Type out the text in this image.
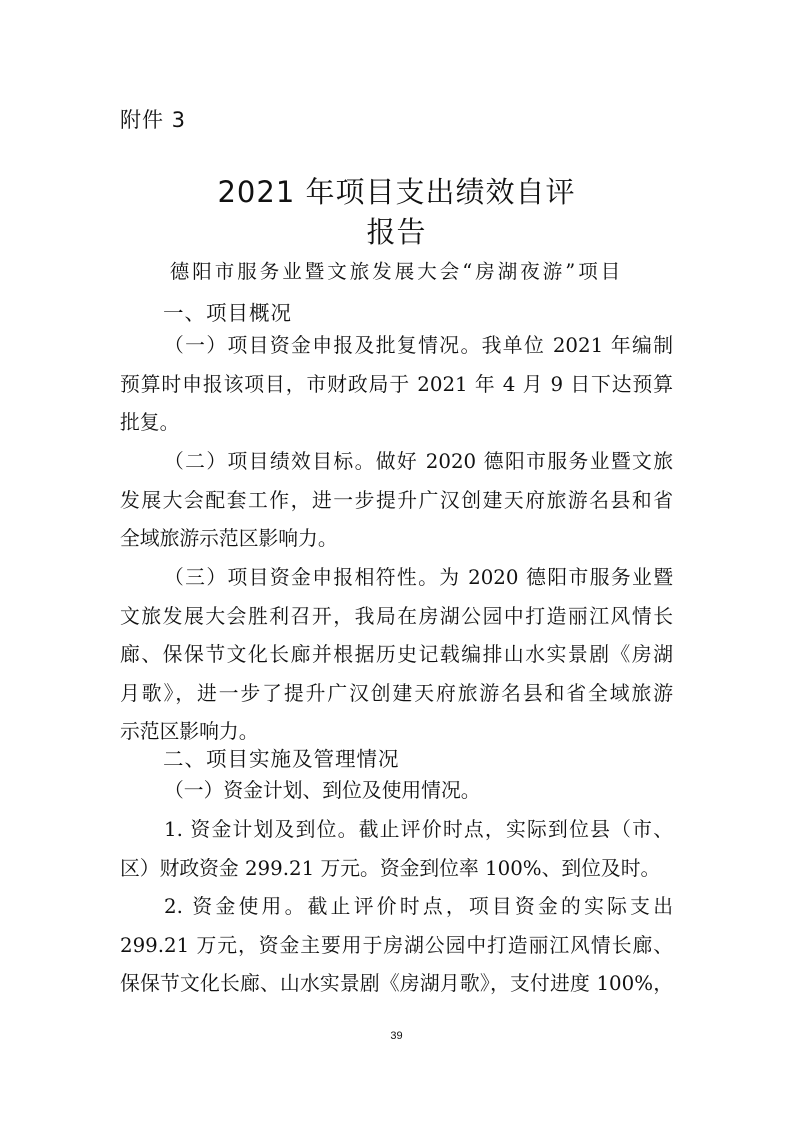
附件 3
2021 年项目支出绩效自评
报告
德阳市服务业暨文旅发展大会“房湖夜游”项目
一、项目概况
（一）项目资金申报及批复情况。我单位 2021 年编制
预算时申报该项目，市财政局于 2021 年 4 月 9 日下达预算
批复。
（二）项目绩效目标。做好 2020 德阳市服务业暨文旅
发展大会配套工作，进一步提升广汉创建天府旅游名县和省
全域旅游示范区影响力。
（三）项目资金申报相符性。为 2020 德阳市服务业暨
文旅发展大会胜利召开，我局在房湖公园中打造丽江风情长
廊、保保节文化长廊并根据历史记载编排山水实景剧《房湖
月歌》，进一步了提升广汉创建天府旅游名县和省全域旅游
示范区影响力。
二、项目实施及管理情况
（一）资金计划、到位及使用情况。
1. 资金计划及到位。截止评价时点，实际到位县（市、
区）财政资金 299.21 万元。资金到位率 100%、到位及时。
2. 资金使用。截止评价时点，项目资金的实际支出
299.21 万元，资金主要用于房湖公园中打造丽江风情长廊、
保保节文化长廊、山水实景剧《房湖月歌》，支付进度 100%，
39
